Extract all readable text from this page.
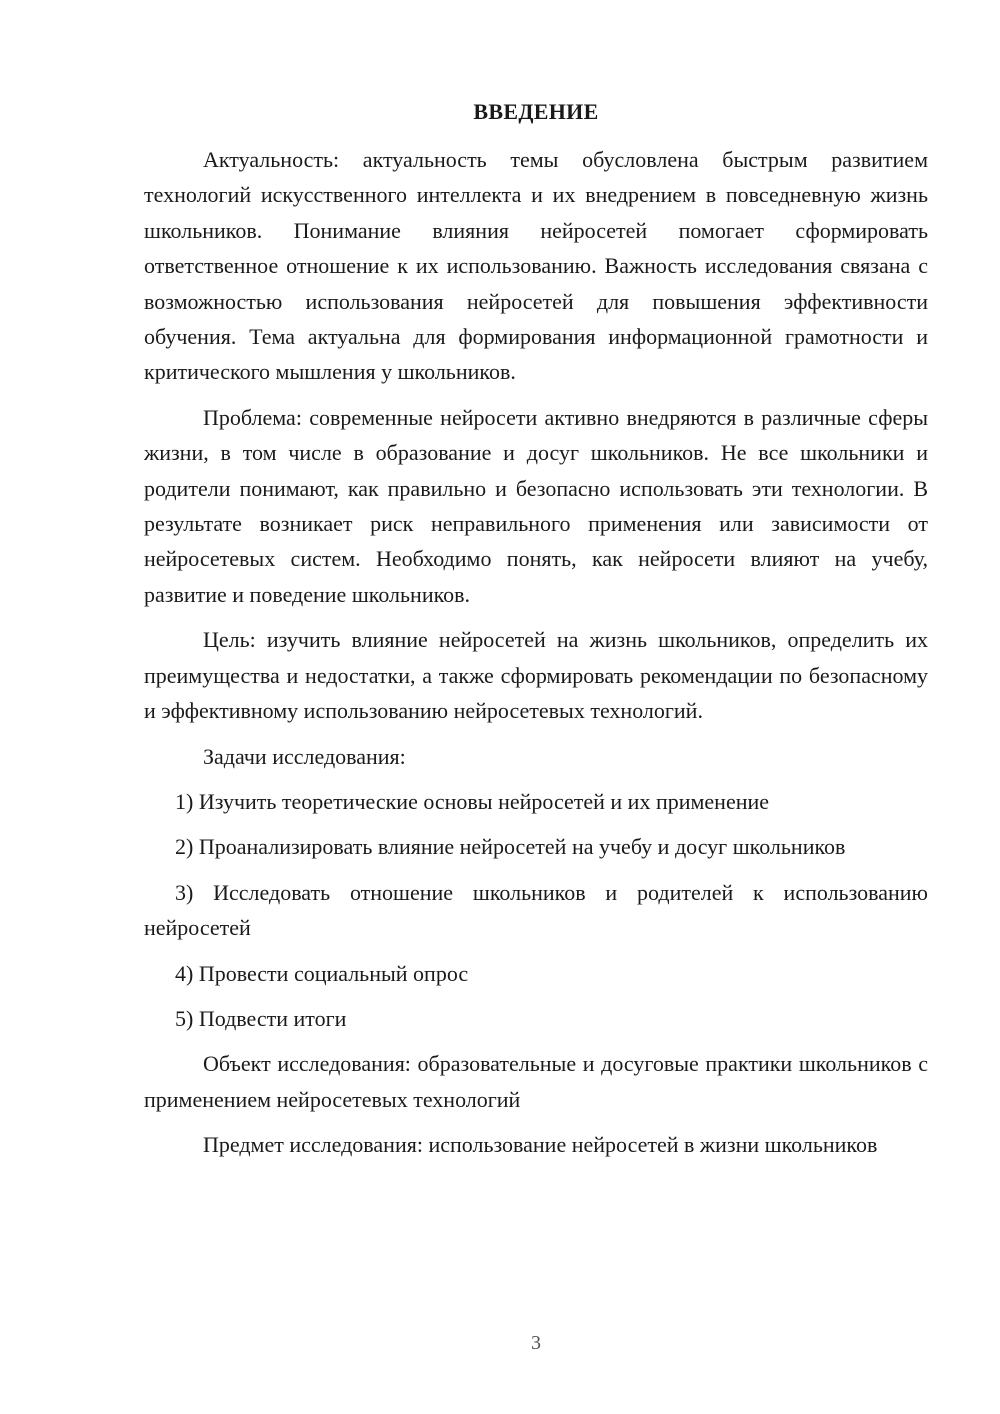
ВВЕДЕНИЕ

Актуальность: актуальность темы обусловлена быстрым развитием технологий искусственного интеллекта и их внедрением в повседневную жизнь школьников. Понимание влияния нейросетей помогает сформировать ответственное отношение к их использованию. Важность исследования связана с возможностью использования нейросетей для повышения эффективности обучения. Тема актуальна для формирования информационной грамотности и критического мышления у школьников.

Проблема: современные нейросети активно внедряются в различные сферы жизни, в том числе в образование и досуг школьников. Не все школьники и родители понимают, как правильно и безопасно использовать эти технологии. В результате возникает риск неправильного применения или зависимости от нейросетевых систем. Необходимо понять, как нейросети влияют на учебу, развитие и поведение школьников.

Цель: изучить влияние нейросетей на жизнь школьников, определить их преимущества и недостатки, а также сформировать рекомендации по безопасному и эффективному использованию нейросетевых технологий.

Задачи исследования:

1) Изучить теоретические основы нейросетей и их применение

2) Проанализировать влияние нейросетей на учебу и досуг школьников

3) Исследовать отношение школьников и родителей к использованию нейросетей

4) Провести социальный опрос

5) Подвести итоги

Объект исследования: образовательные и досуговые практики школьников с применением нейросетевых технологий

Предмет исследования: использование нейросетей в жизни школьников

3
